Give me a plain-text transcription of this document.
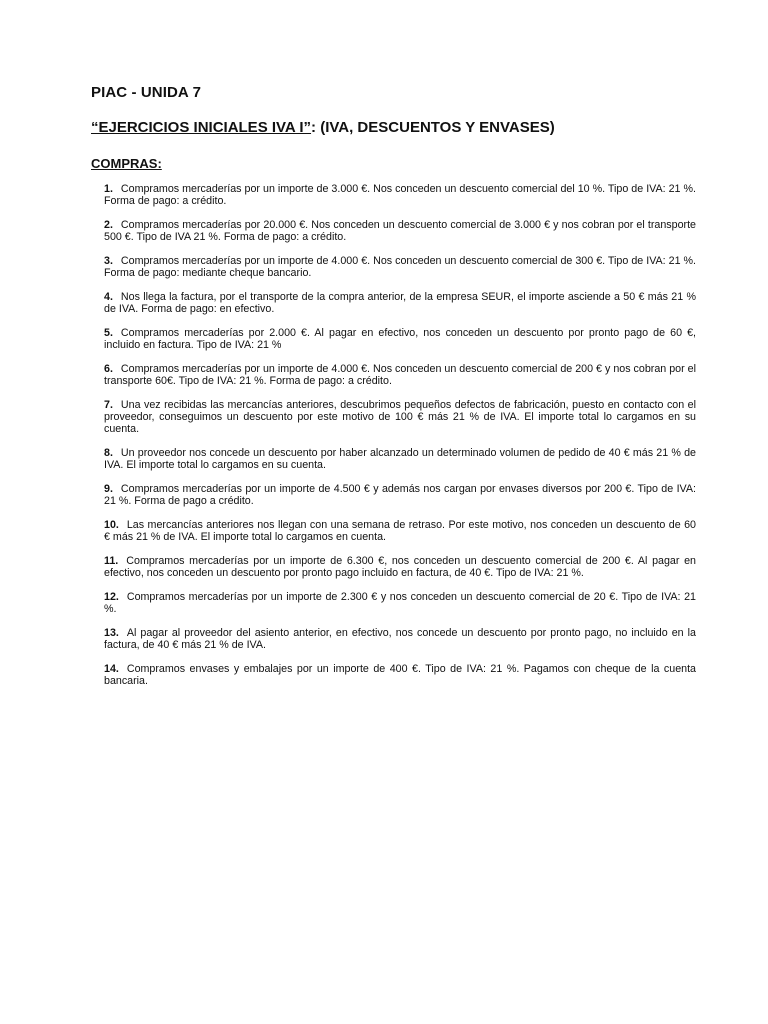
PIAC - UNIDA 7
“EJERCICIOS INICIALES IVA I”: (IVA, DESCUENTOS Y ENVASES)
COMPRAS:
1. Compramos mercaderías por un importe de 3.000 €. Nos conceden un descuento comercial del 10 %. Tipo de IVA: 21 %. Forma de pago: a crédito.
2. Compramos mercaderías por 20.000 €. Nos conceden un descuento comercial de 3.000 € y nos cobran por el transporte 500 €. Tipo de IVA 21 %. Forma de pago: a crédito.
3. Compramos mercaderías por un importe de 4.000 €. Nos conceden un descuento comercial de 300 €. Tipo de IVA: 21 %. Forma de pago: mediante cheque bancario.
4. Nos llega la factura, por el transporte de la compra anterior, de la empresa SEUR, el importe asciende a 50 € más 21 % de IVA. Forma de pago: en efectivo.
5. Compramos mercaderías por 2.000 €. Al pagar en efectivo, nos conceden un descuento por pronto pago de 60 €, incluido en factura. Tipo de IVA: 21 %
6. Compramos mercaderías por un importe de 4.000 €. Nos conceden un descuento comercial de 200 € y nos cobran por el transporte 60€. Tipo de IVA: 21 %. Forma de pago: a crédito.
7. Una vez recibidas las mercancías anteriores, descubrimos pequeños defectos de fabricación, puesto en contacto con el proveedor, conseguimos un descuento por este motivo de 100 € más 21 % de IVA. El importe total lo cargamos en su cuenta.
8. Un proveedor nos concede un descuento por haber alcanzado un determinado volumen de pedido de 40 € más 21 % de IVA. El importe total lo cargamos en su cuenta.
9. Compramos mercaderías por un importe de 4.500 € y además nos cargan por envases diversos por 200 €. Tipo de IVA: 21 %. Forma de pago a crédito.
10. Las mercancías anteriores nos llegan con una semana de retraso. Por este motivo, nos conceden un descuento de 60 € más 21 % de IVA. El importe total lo cargamos en cuenta.
11. Compramos mercaderías por un importe de 6.300 €, nos conceden un descuento comercial de 200 €. Al pagar en efectivo, nos conceden un descuento por pronto pago incluido en factura, de 40 €. Tipo de IVA: 21 %.
12. Compramos mercaderías por un importe de 2.300 € y nos conceden un descuento comercial de 20 €. Tipo de IVA: 21 %.
13. Al pagar al proveedor del asiento anterior, en efectivo, nos concede un descuento por pronto pago, no incluido en la factura, de 40 € más 21 % de IVA.
14. Compramos envases y embalajes por un importe de 400 €. Tipo de IVA: 21 %. Pagamos con cheque de la cuenta bancaria.
